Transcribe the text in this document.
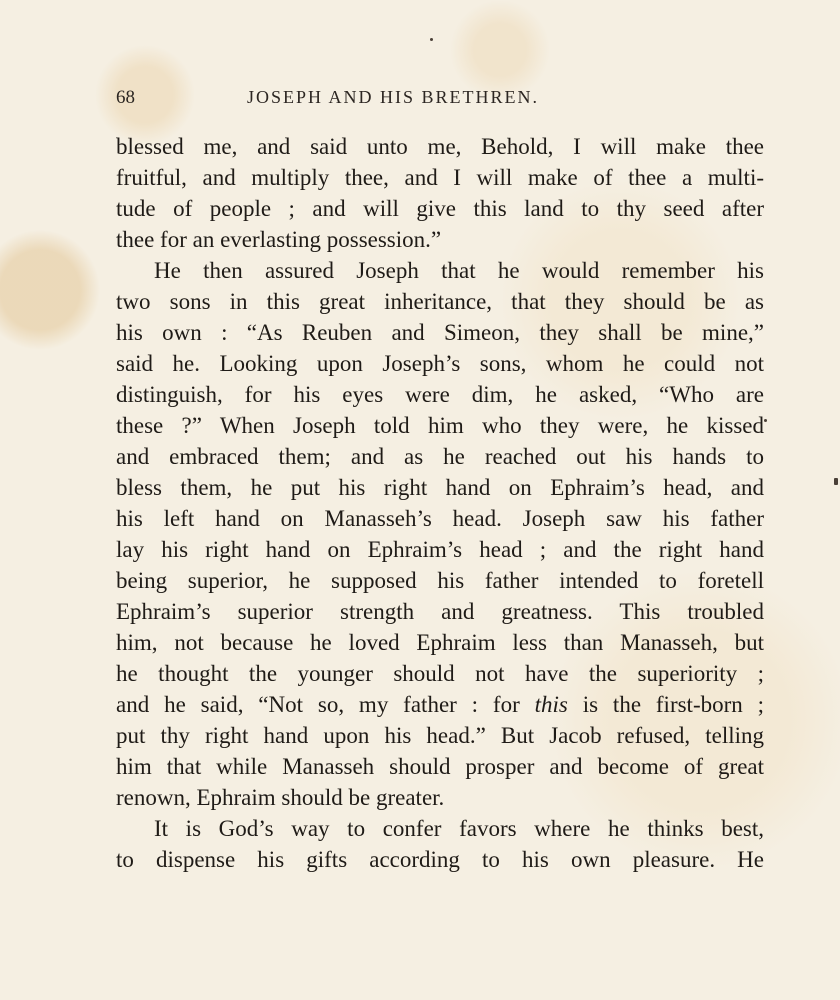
68	JOSEPH AND HIS BRETHREN.
blessed me, and said unto me, Behold, I will make thee
fruitful, and multiply thee, and I will make of thee a multi-
tude of people ; and will give this land to thy seed after
thee for an everlasting possession.”
He then assured Joseph that he would remember his
two sons in this great inheritance, that they should be as
his own : “As Reuben and Simeon, they shall be mine,”
said he. Looking upon Joseph’s sons, whom he could not
distinguish, for his eyes were dim, he asked, “Who are
these ?” When Joseph told him who they were, he kissed
and embraced them; and as he reached out his hands to
bless them, he put his right hand on Ephraim’s head, and
his left hand on Manasseh’s head. Joseph saw his father
lay his right hand on Ephraim’s head ; and the right hand
being superior, he supposed his father intended to foretell
Ephraim’s superior strength and greatness. This troubled
him, not because he loved Ephraim less than Manasseh, but
he thought the younger should not have the superiority ;
and he said, “Not so, my father : for this is the first-born ;
put thy right hand upon his head.” But Jacob refused, telling
him that while Manasseh should prosper and become of great
renown, Ephraim should be greater.
It is God’s way to confer favors where he thinks best,
to dispense his gifts according to his own pleasure. He
